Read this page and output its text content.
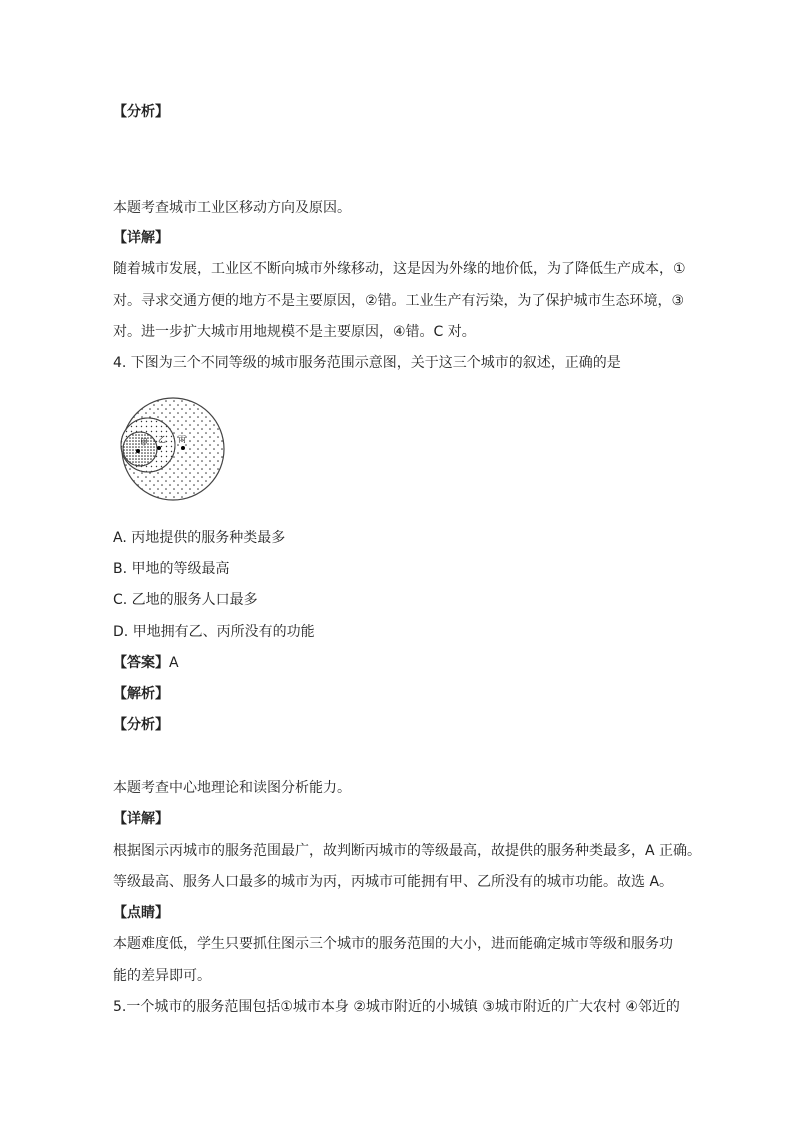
【分析】
本题考查城市工业区移动方向及原因。
【详解】
随着城市发展，工业区不断向城市外缘移动，这是因为外缘的地价低，为了降低生产成本，①
对。寻求交通方便的地方不是主要原因，②错。工业生产有污染，为了保护城市生态环境，③
对。进一步扩大城市用地规模不是主要原因，④错。C 对。
4. 下图为三个不同等级的城市服务范围示意图，关于这三个城市的叙述，正确的是
甲 乙 丙
A. 丙地提供的服务种类最多
B. 甲地的等级最高
C. 乙地的服务人口最多
D. 甲地拥有乙、丙所没有的功能
【答案】A
【解析】
【分析】
本题考查中心地理论和读图分析能力。
【详解】
根据图示丙城市的服务范围最广，故判断丙城市的等级最高，故提供的服务种类最多，A 正确。
等级最高、服务人口最多的城市为丙，丙城市可能拥有甲、乙所没有的城市功能。故选 A。
【点睛】
本题难度低，学生只要抓住图示三个城市的服务范围的大小，进而能确定城市等级和服务功
能的差异即可。
5.一个城市的服务范围包括①城市本身 ②城市附近的小城镇 ③城市附近的广大农村 ④邻近的
